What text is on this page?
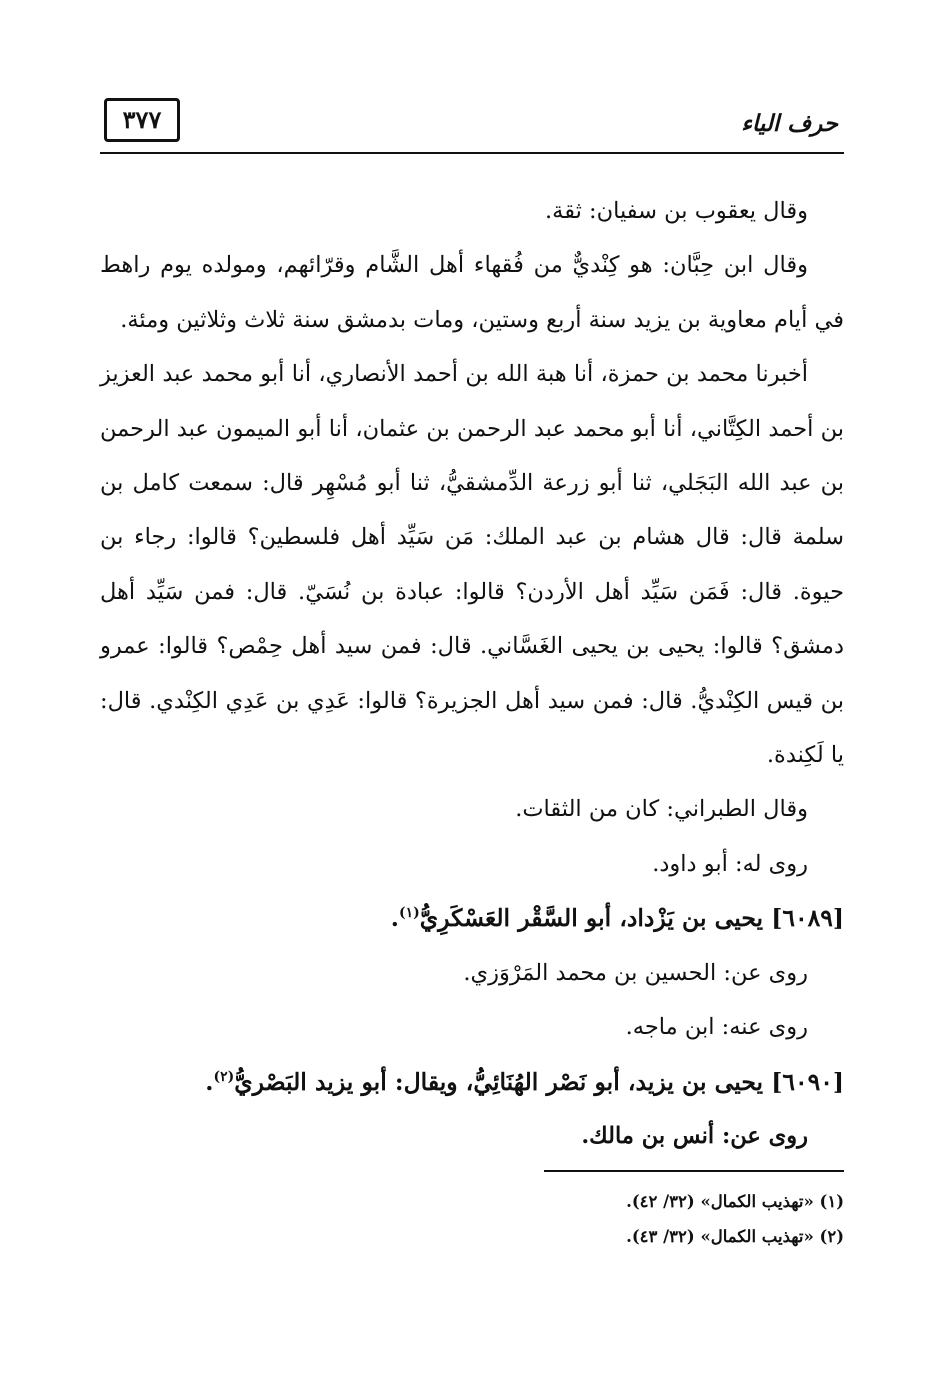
حرف الياء
٣٧٧

وقال يعقوب بن سفيان: ثقة.

وقال ابن حِبَّان: هو كِنْديٌّ من فُقهاء أهل الشَّام وقرّائهم، ومولده يوم راهط في أيام معاوية بن يزيد سنة أربع وستين، ومات بدمشق سنة ثلاث وثلاثين ومئة.

أخبرنا محمد بن حمزة، أنا هبة الله بن أحمد الأنصاري، أنا أبو محمد عبد العزيز بن أحمد الكِتَّاني، أنا أبو محمد عبد الرحمن بن عثمان، أنا أبو الميمون عبد الرحمن بن عبد الله البَجَلي، ثنا أبو زرعة الدِّمشقيُّ، ثنا أبو مُسْهِر قال: سمعت كامل بن سلمة قال: قال هشام بن عبد الملك: مَن سَيِّد أهل فلسطين؟ قالوا: رجاء بن حيوة. قال: فَمَن سَيِّد أهل الأردن؟ قالوا: عبادة بن نُسَيّ. قال: فمن سَيِّد أهل دمشق؟ قالوا: يحيى بن يحيى الغَسَّاني. قال: فمن سيد أهل حِمْص؟ قالوا: عمرو بن قيس الكِنْديُّ. قال: فمن سيد أهل الجزيرة؟ قالوا: عَدِي بن عَدِي الكِنْدي. قال: يا لَكِندة.

وقال الطبراني: كان من الثقات.

روى له: أبو داود.

[٦٠٨٩] يحيى بن يَزْداد، أبو السَّقْر العَسْكَرِيُّ$^{(١)}$.

روى عن: الحسين بن محمد المَرْوَزي.

روى عنه: ابن ماجه.

[٦٠٩٠] يحيى بن يزيد، أبو نَصْر الهُنَائِيُّ، ويقال: أبو يزيد البَصْريُّ$^{(٢)}$.

روى عن: أنس بن مالك.

(١) «تهذيب الكمال» (٣٢/ ٤٢).

(٢) «تهذيب الكمال» (٣٢/ ٤٣).
